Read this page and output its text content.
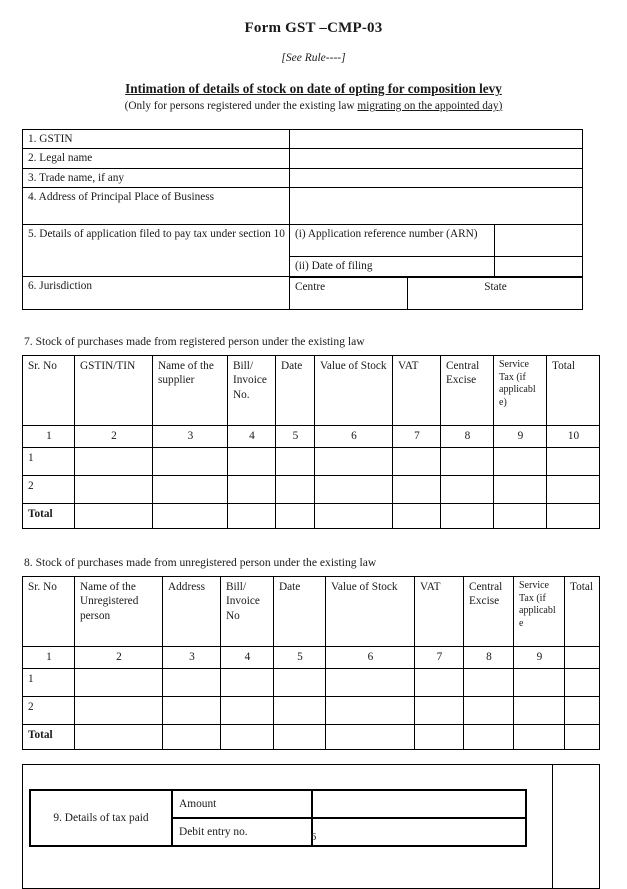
Form GST –CMP-03
[See Rule----]
Intimation of details of stock on date of opting for composition levy
(Only for persons registered under the existing law migrating on the appointed day)
1. GSTIN			
2. Legal name			
3. Trade name, if any			
4. Address of Principal Place of Business			
5. Details of application filed to pay tax under section 10	(i) Application reference number (ARN)		
	(ii) Date of filing		
6. Jurisdiction	Centre	State	
7. Stock of purchases made from registered person under the existing law
Sr. No	GSTIN/TIN	Name of the supplier	Bill/ Invoice No.	Date	Value of Stock	VAT	Central Excise	Service Tax (if applicabl e)	Total
1	2	3	4	5	6	7	8	9	10
1									
2									
Total									
8. Stock of purchases made from unregistered person under the existing law
Sr. No	Name of the Unregistered person	Address	Bill/ Invoice No	Date	Value of Stock	VAT	Central Excise	Service Tax (if applicabl e	Total
1	2	3	4	5	6	7	8	9	
1									
2									
Total									
9. Details of tax paid	Amount	
Debit entry no.	
		6
